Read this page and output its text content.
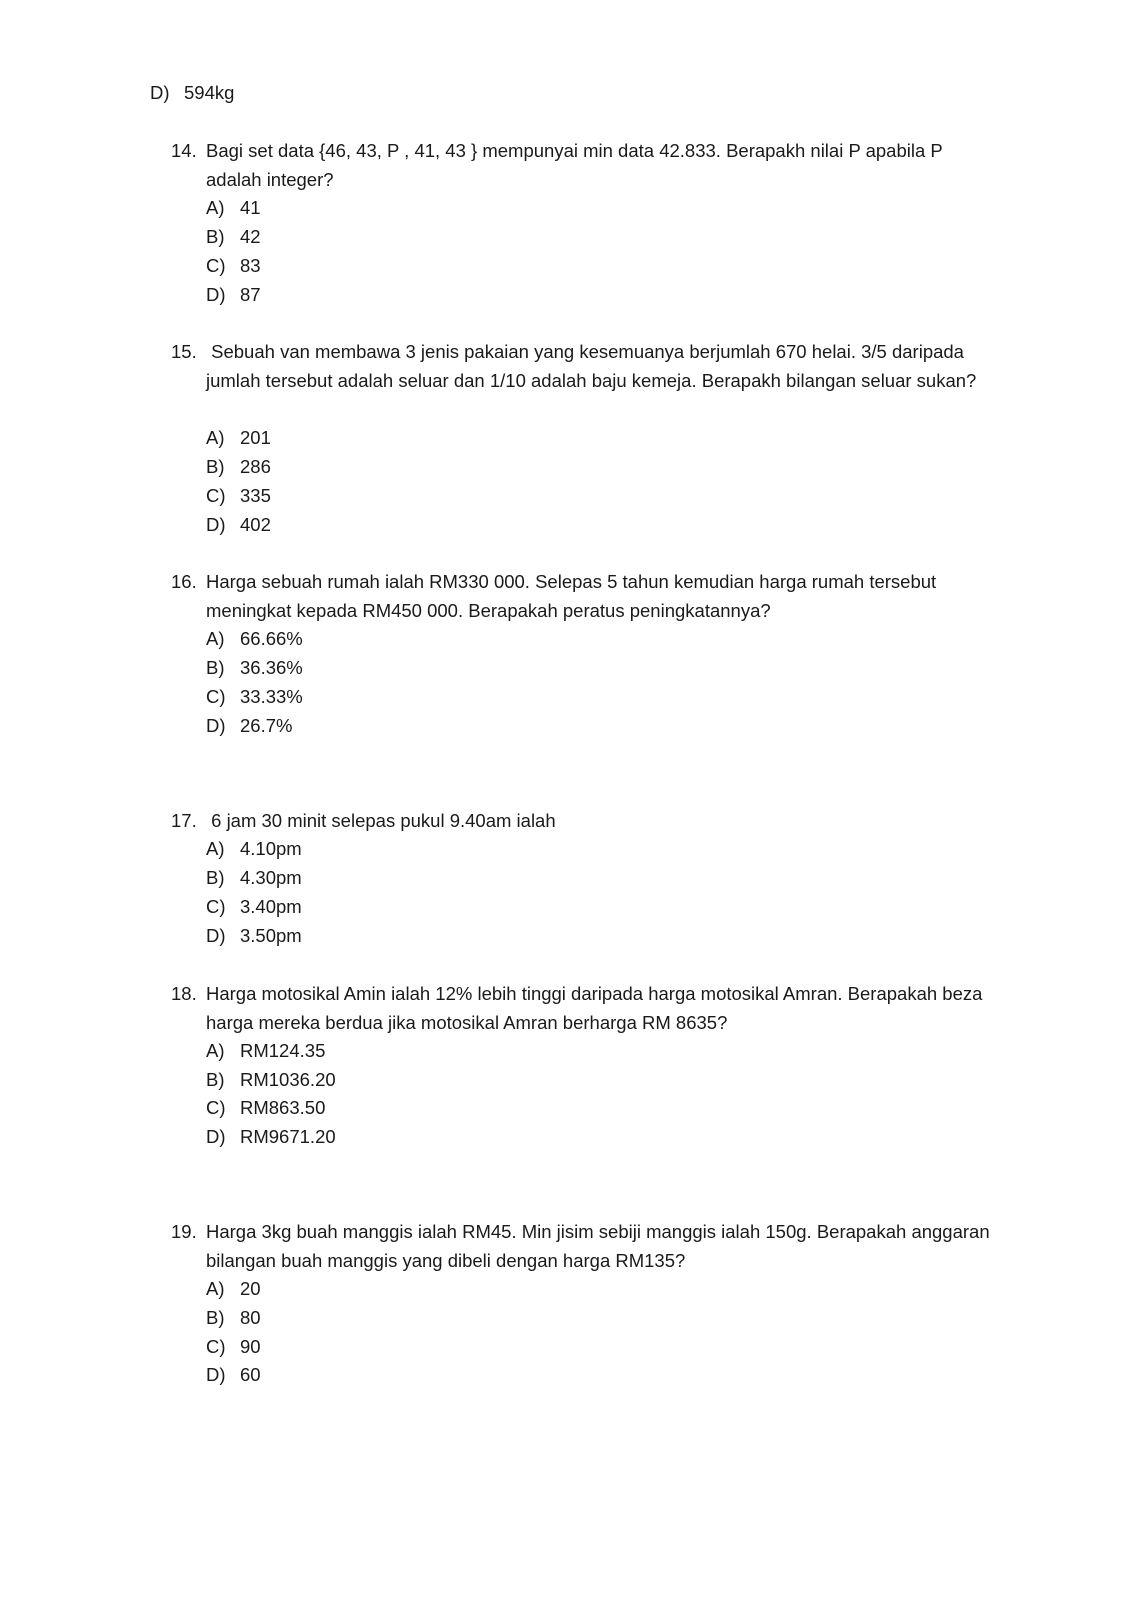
D) 594kg
14. Bagi set data {46, 43, P , 41, 43 } mempunyai min data 42.833. Berapakh nilai P apabila P adalah integer?
A) 41
B) 42
C) 83
D) 87
15. Sebuah van membawa 3 jenis pakaian yang kesemuanya berjumlah 670 helai. 3/5 daripada jumlah tersebut adalah seluar dan 1/10 adalah baju kemeja. Berapakh bilangan seluar sukan?
A) 201
B) 286
C) 335
D) 402
16. Harga sebuah rumah ialah RM330 000. Selepas 5 tahun kemudian harga rumah tersebut meningkat kepada RM450 000. Berapakah peratus peningkatannya?
A) 66.66%
B) 36.36%
C) 33.33%
D) 26.7%
17. 6 jam 30 minit selepas pukul 9.40am ialah
A) 4.10pm
B) 4.30pm
C) 3.40pm
D) 3.50pm
18. Harga motosikal Amin ialah 12% lebih tinggi daripada harga motosikal Amran. Berapakah beza harga mereka berdua jika motosikal Amran berharga RM 8635?
A) RM124.35
B) RM1036.20
C) RM863.50
D) RM9671.20
19. Harga 3kg buah manggis ialah RM45. Min jisim sebiji manggis ialah 150g. Berapakah anggaran bilangan buah manggis yang dibeli dengan harga RM135?
A) 20
B) 80
C) 90
D) 60
